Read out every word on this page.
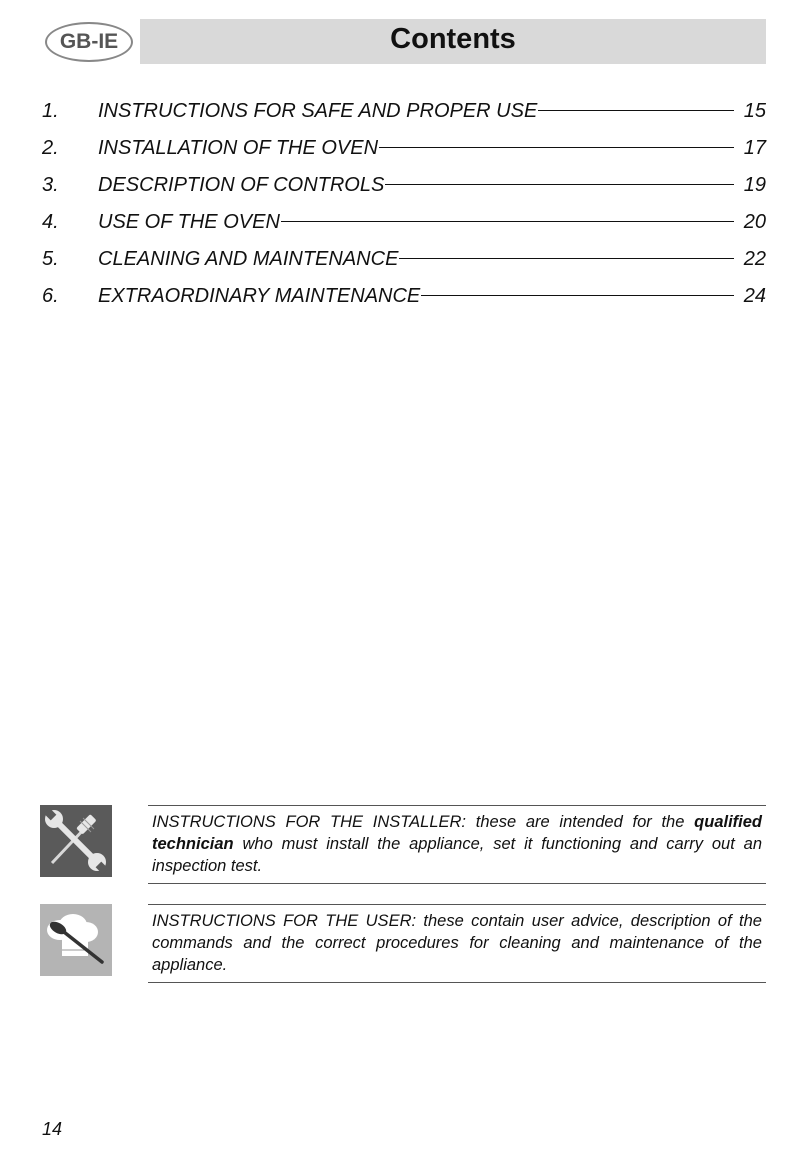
Contents
GB-IE
1. INSTRUCTIONS FOR SAFE AND PROPER USE	15
2. INSTALLATION OF THE OVEN	17
3. DESCRIPTION OF CONTROLS	19
4. USE OF THE OVEN	20
5. CLEANING AND MAINTENANCE	22
6. EXTRAORDINARY MAINTENANCE	24
INSTRUCTIONS FOR THE INSTALLER: these are intended for the qualified technician who must install the appliance, set it functioning and carry out an inspection test.
INSTRUCTIONS FOR THE USER: these contain user advice, description of the commands and the correct procedures for cleaning and maintenance of the appliance.
14
